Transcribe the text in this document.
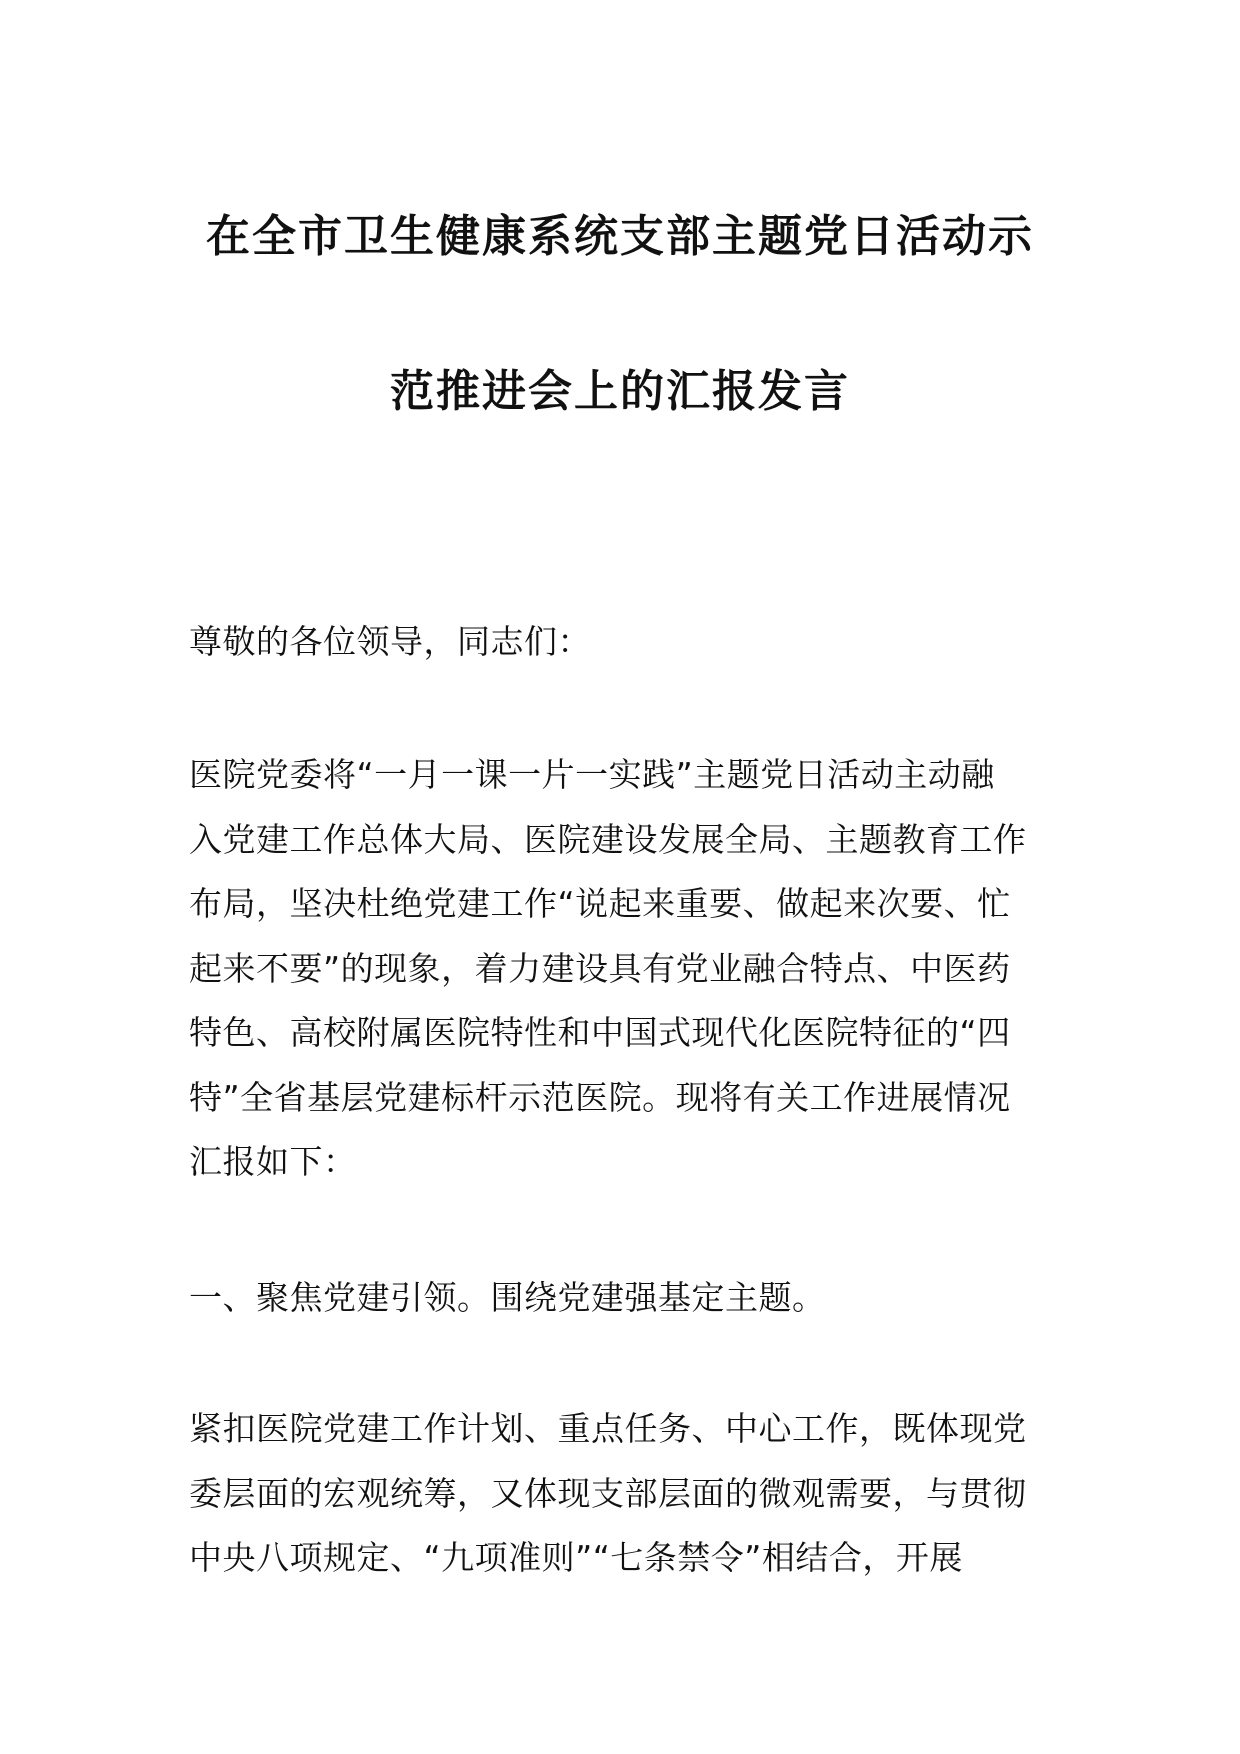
在全市卫生健康系统支部主题党日活动示
范推进会上的汇报发言
尊敬的各位领导，同志们：
医院党委将“一月一课一片一实践”主题党日活动主动融
入党建工作总体大局、医院建设发展全局、主题教育工作
布局，坚决杜绝党建工作“说起来重要、做起来次要、忙
起来不要”的现象，着力建设具有党业融合特点、中医药
特色、高校附属医院特性和中国式现代化医院特征的“四
特”全省基层党建标杆示范医院。现将有关工作进展情况
汇报如下：
一、聚焦党建引领。围绕党建强基定主题。
紧扣医院党建工作计划、重点任务、中心工作，既体现党
委层面的宏观统筹，又体现支部层面的微观需要，与贯彻
中央八项规定、“九项准则”“七条禁令”相结合，开展
